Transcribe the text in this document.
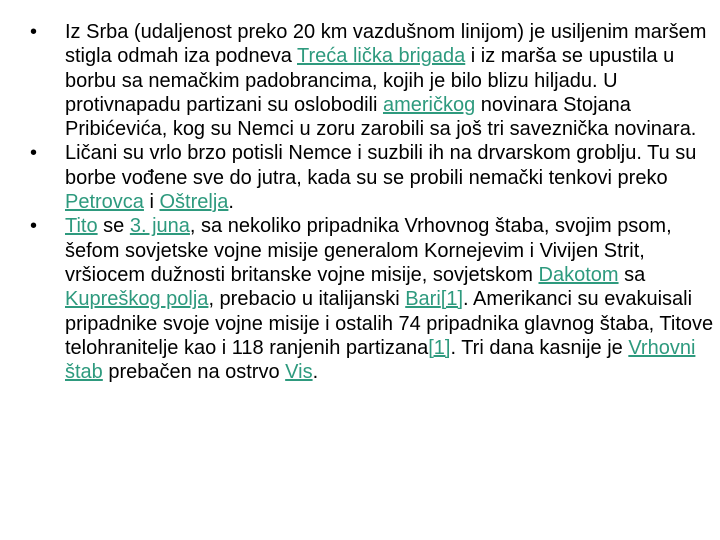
•	Iz Srba (udaljenost preko 20 km vazdušnom linijom) je usiljenim maršem stigla odmah iza podneva Treća lička brigada i iz marša se upustila u borbu sa nemačkim padobrancima, kojih je bilo blizu hiljadu. U protivnapadu partizani su oslobodili američkog novinara Stojana Pribićevića, kog su Nemci u zoru zarobili sa još tri saveznička novinara.
•	Ličani su vrlo brzo potisli Nemce i suzbili ih na drvarskom groblju. Tu su borbe vođene sve do jutra, kada su se probili nemački tenkovi preko Petrovca i Oštrelja.
•	Tito se 3. juna, sa nekoliko pripadnika Vrhovnog štaba, svojim psom, šefom sovjetske vojne misije generalom Kornejevim i Vivijen Strit, vršiocem dužnosti britanske vojne misije, sovjetskom Dakotom sa Kupreškog polja, prebacio u italijanski Bari[1]. Amerikanci su evakuisali pripadnike svoje vojne misije i ostalih 74 pripadnika glavnog štaba, Titove telohranitelje kao i 118 ranjenih partizana[1]. Tri dana kasnije je Vrhovni štab prebačen na ostrvo Vis.
